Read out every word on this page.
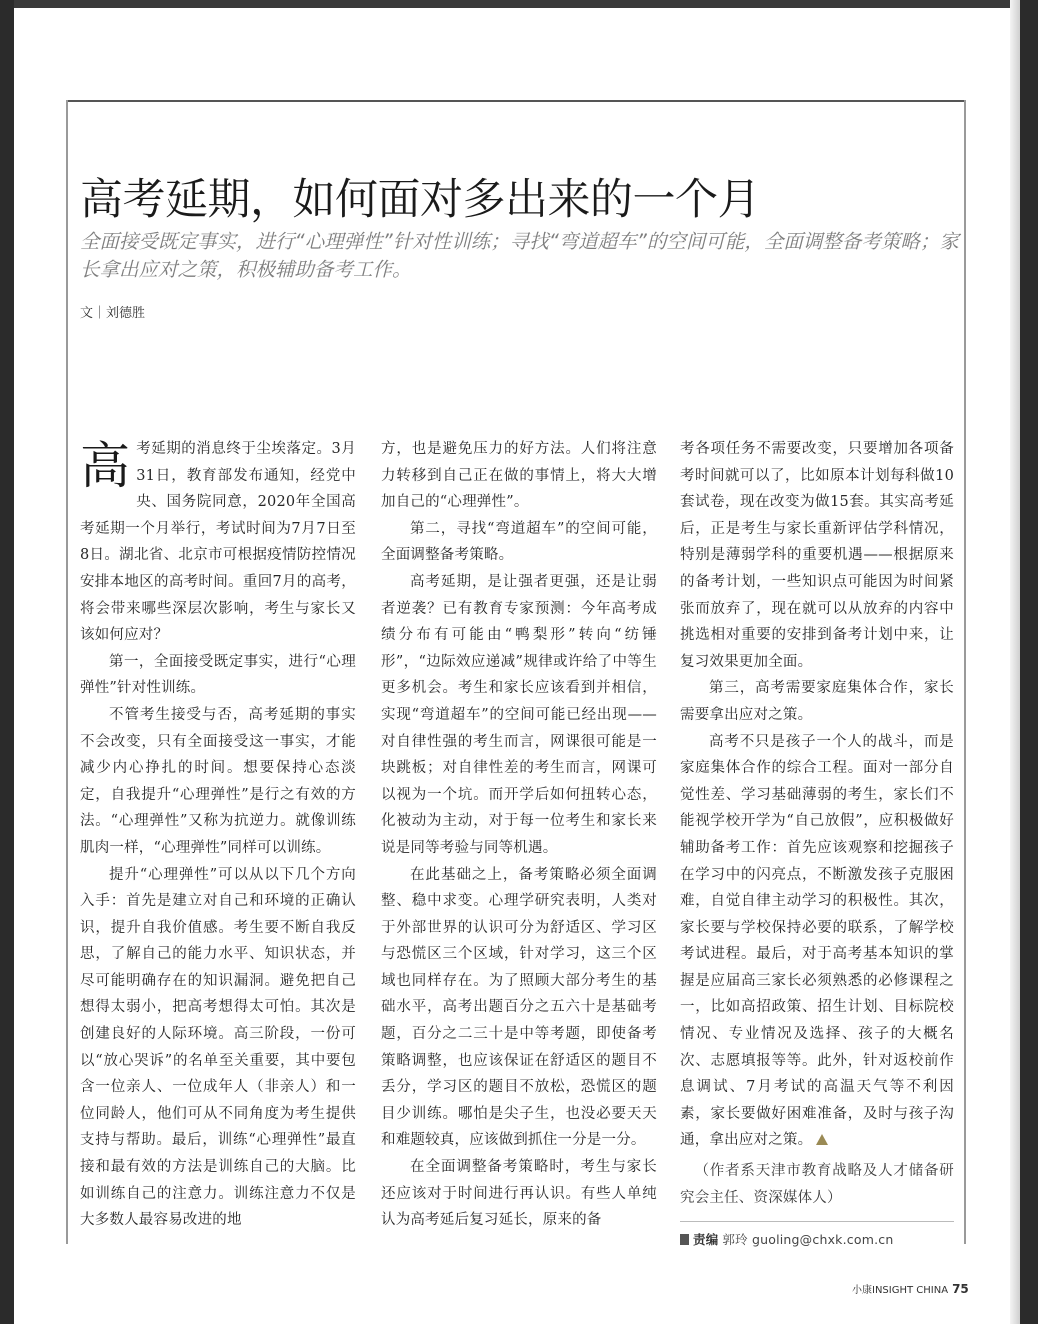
高考延期，如何面对多出来的一个月

全面接受既定事实，进行“心理弹性”针对性训练；寻找“弯道超车”的空间可能，全面调整备考策略；家长拿出应对之策，积极辅助备考工作。

文｜刘德胜

高考延期的消息终于尘埃落定。3月31日，教育部发布通知，经党中央、国务院同意，2020年全国高考延期一个月举行，考试时间为7月7日至8日。湖北省、北京市可根据疫情防控情况安排本地区的高考时间。重回7月的高考，将会带来哪些深层次影响，考生与家长又该如何应对？

第一，全面接受既定事实，进行“心理弹性”针对性训练。

不管考生接受与否，高考延期的事实不会改变，只有全面接受这一事实，才能减少内心挣扎的时间。想要保持心态淡定，自我提升“心理弹性”是行之有效的方法。“心理弹性”又称为抗逆力。就像训练肌肉一样，“心理弹性”同样可以训练。

提升“心理弹性”可以从以下几个方向入手：首先是建立对自己和环境的正确认识，提升自我价值感。考生要不断自我反思，了解自己的能力水平、知识状态，并尽可能明确存在的知识漏洞。避免把自己想得太弱小，把高考想得太可怕。其次是创建良好的人际环境。高三阶段，一份可以“放心哭诉”的名单至关重要，其中要包含一位亲人、一位成年人（非亲人）和一位同龄人，他们可从不同角度为考生提供支持与帮助。最后，训练“心理弹性”最直接和最有效的方法是训练自己的大脑。比如训练自己的注意力。训练注意力不仅是大多数人最容易改进的地

方，也是避免压力的好方法。人们将注意力转移到自己正在做的事情上，将大大增加自己的“心理弹性”。

第二，寻找“弯道超车”的空间可能，全面调整备考策略。

高考延期，是让强者更强，还是让弱者逆袭？已有教育专家预测：今年高考成绩分布有可能由“鸭梨形”转向“纺锤形”，“边际效应递减”规律或许给了中等生更多机会。考生和家长应该看到并相信，实现“弯道超车”的空间可能已经出现——对自律性强的考生而言，网课很可能是一块跳板；对自律性差的考生而言，网课可以视为一个坑。而开学后如何扭转心态，化被动为主动，对于每一位考生和家长来说是同等考验与同等机遇。

在此基础之上，备考策略必须全面调整、稳中求变。心理学研究表明，人类对于外部世界的认识可分为舒适区、学习区与恐慌区三个区域，针对学习，这三个区域也同样存在。为了照顾大部分考生的基础水平，高考出题百分之五六十是基础考题，百分之二三十是中等考题，即使备考策略调整，也应该保证在舒适区的题目不丢分，学习区的题目不放松，恐慌区的题目少训练。哪怕是尖子生，也没必要天天和难题较真，应该做到抓住一分是一分。

在全面调整备考策略时，考生与家长还应该对于时间进行再认识。有些人单纯认为高考延后复习延长，原来的备

考各项任务不需要改变，只要增加各项备考时间就可以了，比如原本计划每科做10套试卷，现在改变为做15套。其实高考延后，正是考生与家长重新评估学科情况，特别是薄弱学科的重要机遇——根据原来的备考计划，一些知识点可能因为时间紧张而放弃了，现在就可以从放弃的内容中挑选相对重要的安排到备考计划中来，让复习效果更加全面。

第三，高考需要家庭集体合作，家长需要拿出应对之策。

高考不只是孩子一个人的战斗，而是家庭集体合作的综合工程。面对一部分自觉性差、学习基础薄弱的考生，家长们不能视学校开学为“自己放假”，应积极做好辅助备考工作：首先应该观察和挖掘孩子在学习中的闪亮点，不断激发孩子克服困难，自觉自律主动学习的积极性。其次，家长要与学校保持必要的联系，了解学校考试进程。最后，对于高考基本知识的掌握是应届高三家长必须熟悉的必修课程之一，比如高招政策、招生计划、目标院校情况、专业情况及选择、孩子的大概名次、志愿填报等等。此外，针对返校前作息调试、7月考试的高温天气等不利因素，家长要做好困难准备，及时与孩子沟通，拿出应对之策。

（作者系天津市教育战略及人才储备研究会主任、资深媒体人）

责编 郭玲 guoling@chxk.com.cn
小康INSIGHT CHINA 75
